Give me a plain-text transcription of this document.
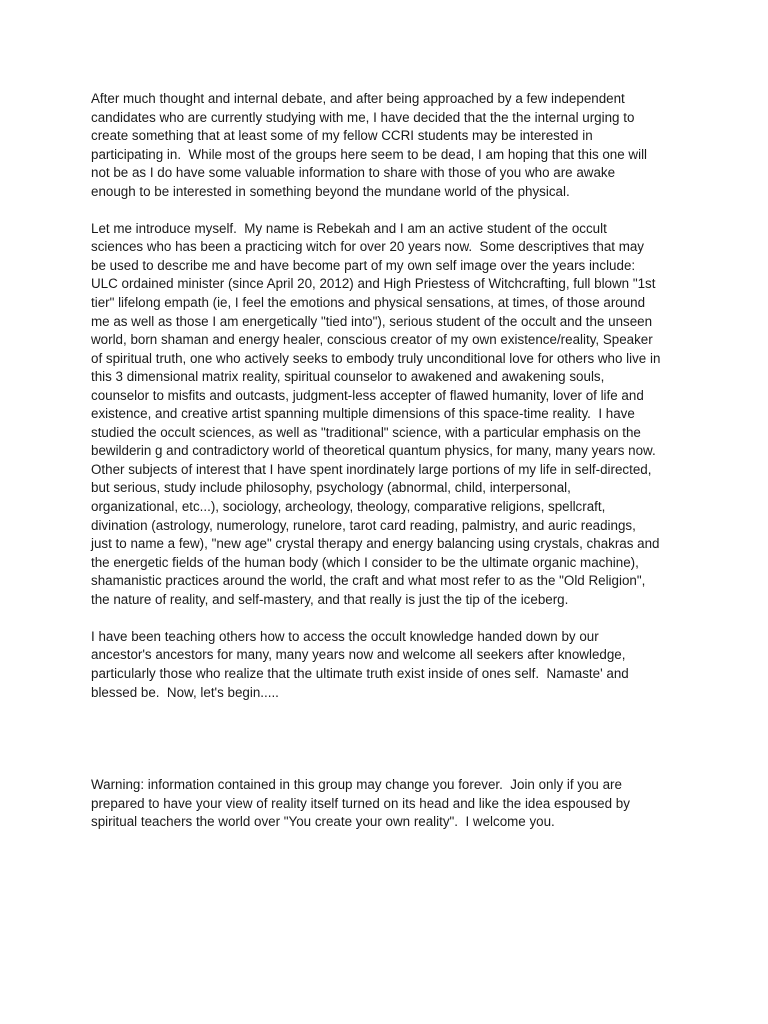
After much thought and internal debate, and after being approached by a few independent
candidates who are currently studying with me, I have decided that the the internal urging to
create something that at least some of my fellow CCRI students may be interested in
participating in.  While most of the groups here seem to be dead, I am hoping that this one will
not be as I do have some valuable information to share with those of you who are awake
enough to be interested in something beyond the mundane world of the physical.
Let me introduce myself.  My name is Rebekah and I am an active student of the occult
sciences who has been a practicing witch for over 20 years now.  Some descriptives that may
be used to describe me and have become part of my own self image over the years include:
ULC ordained minister (since April 20, 2012) and High Priestess of Witchcrafting, full blown "1st
tier" lifelong empath (ie, I feel the emotions and physical sensations, at times, of those around
me as well as those I am energetically "tied into"), serious student of the occult and the unseen
world, born shaman and energy healer, conscious creator of my own existence/reality, Speaker
of spiritual truth, one who actively seeks to embody truly unconditional love for others who live in
this 3 dimensional matrix reality, spiritual counselor to awakened and awakening souls,
counselor to misfits and outcasts, judgment-less accepter of flawed humanity, lover of life and
existence, and creative artist spanning multiple dimensions of this space-time reality.  I have
studied the occult sciences, as well as "traditional" science, with a particular emphasis on the
bewilderin g and contradictory world of theoretical quantum physics, for many, many years now.
Other subjects of interest that I have spent inordinately large portions of my life in self-directed,
but serious, study include philosophy, psychology (abnormal, child, interpersonal,
organizational, etc...), sociology, archeology, theology, comparative religions, spellcraft,
divination (astrology, numerology, runelore, tarot card reading, palmistry, and auric readings,
just to name a few), "new age" crystal therapy and energy balancing using crystals, chakras and
the energetic fields of the human body (which I consider to be the ultimate organic machine),
shamanistic practices around the world, the craft and what most refer to as the "Old Religion",
the nature of reality, and self-mastery, and that really is just the tip of the iceberg.
I have been teaching others how to access the occult knowledge handed down by our
ancestor's ancestors for many, many years now and welcome all seekers after knowledge,
particularly those who realize that the ultimate truth exist inside of ones self.  Namaste' and
blessed be.  Now, let's begin.....
Warning: information contained in this group may change you forever.  Join only if you are
prepared to have your view of reality itself turned on its head and like the idea espoused by
spiritual teachers the world over "You create your own reality".  I welcome you.
